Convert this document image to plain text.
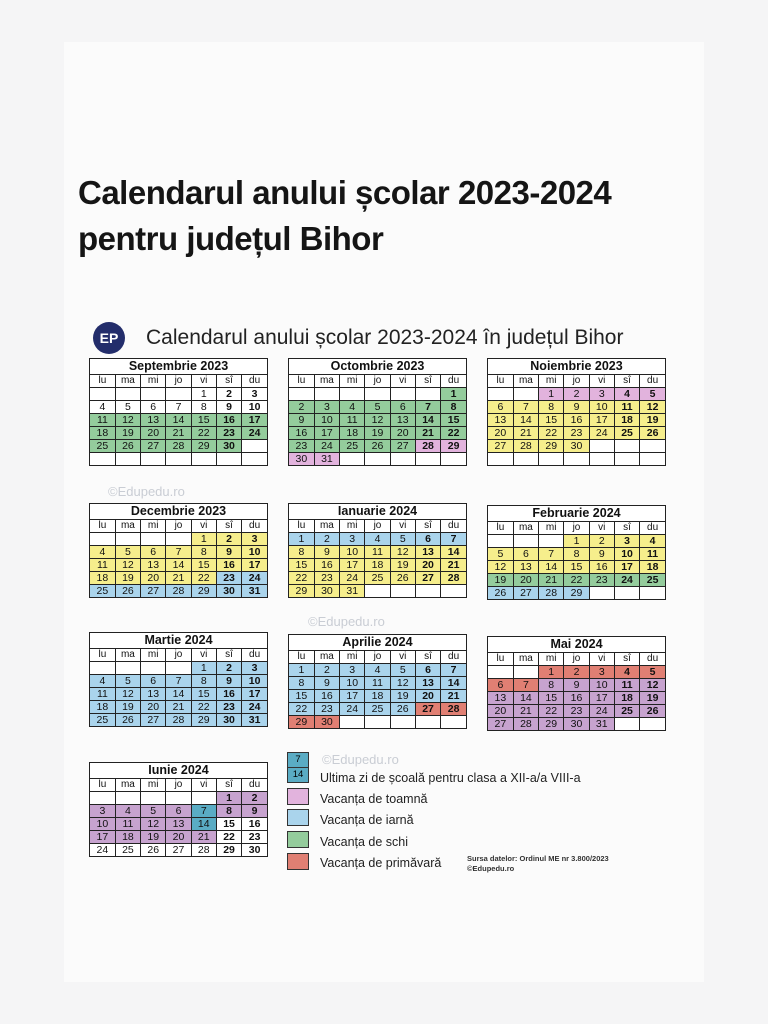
Calendarul anului școlar 2023-2024
pentru județul Bihor
EP	Calendarul anului școlar 2023-2024 în județul Bihor
©Edupedu.ro
©Edupedu.ro
©Edupedu.ro
Septembrie 2023
lu	ma	mi	jo	vi	sî	du
				1	2	3
4	5	6	7	8	9	10
11	12	13	14	15	16	17
18	19	20	21	22	23	24
25	26	27	28	29	30	

Octombrie 2023
lu	ma	mi	jo	vi	sî	du
						1
2	3	4	5	6	7	8
9	10	11	12	13	14	15
16	17	18	19	20	21	22
23	24	25	26	27	28	29
30	31					
Noiembrie 2023
lu	ma	mi	jo	vi	sî	du
		1	2	3	4	5
6	7	8	9	10	11	12
13	14	15	16	17	18	19
20	21	22	23	24	25	26
27	28	29	30			

Decembrie 2023
lu	ma	mi	jo	vi	sî	du
				1	2	3
4	5	6	7	8	9	10
11	12	13	14	15	16	17
18	19	20	21	22	23	24
25	26	27	28	29	30	31
Ianuarie 2024
lu	ma	mi	jo	vi	sî	du
1	2	3	4	5	6	7
8	9	10	11	12	13	14
15	16	17	18	19	20	21
22	23	24	25	26	27	28
29	30	31				
Februarie 2024
lu	ma	mi	jo	vi	sî	du
			1	2	3	4
5	6	7	8	9	10	11
12	13	14	15	16	17	18
19	20	21	22	23	24	25
26	27	28	29			
Martie 2024
lu	ma	mi	jo	vi	sî	du
				1	2	3
4	5	6	7	8	9	10
11	12	13	14	15	16	17
18	19	20	21	22	23	24
25	26	27	28	29	30	31
Aprilie 2024
lu	ma	mi	jo	vi	sî	du
1	2	3	4	5	6	7
8	9	10	11	12	13	14
15	16	17	18	19	20	21
22	23	24	25	26	27	28
29	30					
Mai 2024
lu	ma	mi	jo	vi	sî	du
		1	2	3	4	5
6	7	8	9	10	11	12
13	14	15	16	17	18	19
20	21	22	23	24	25	26
27	28	29	30	31		
Iunie 2024
lu	ma	mi	jo	vi	sî	du
					1	2
3	4	5	6	7	8	9
10	11	12	13	14	15	16
17	18	19	20	21	22	23
24	25	26	27	28	29	30
7
14	Ultima zi de școală pentru clasa a XII-a/a VIII-a
Vacanța de toamnă
Vacanța de iarnă
Vacanța de schi
Vacanța de primăvară	Sursa datelor: Ordinul ME nr 3.800/2023
©Edupedu.ro
